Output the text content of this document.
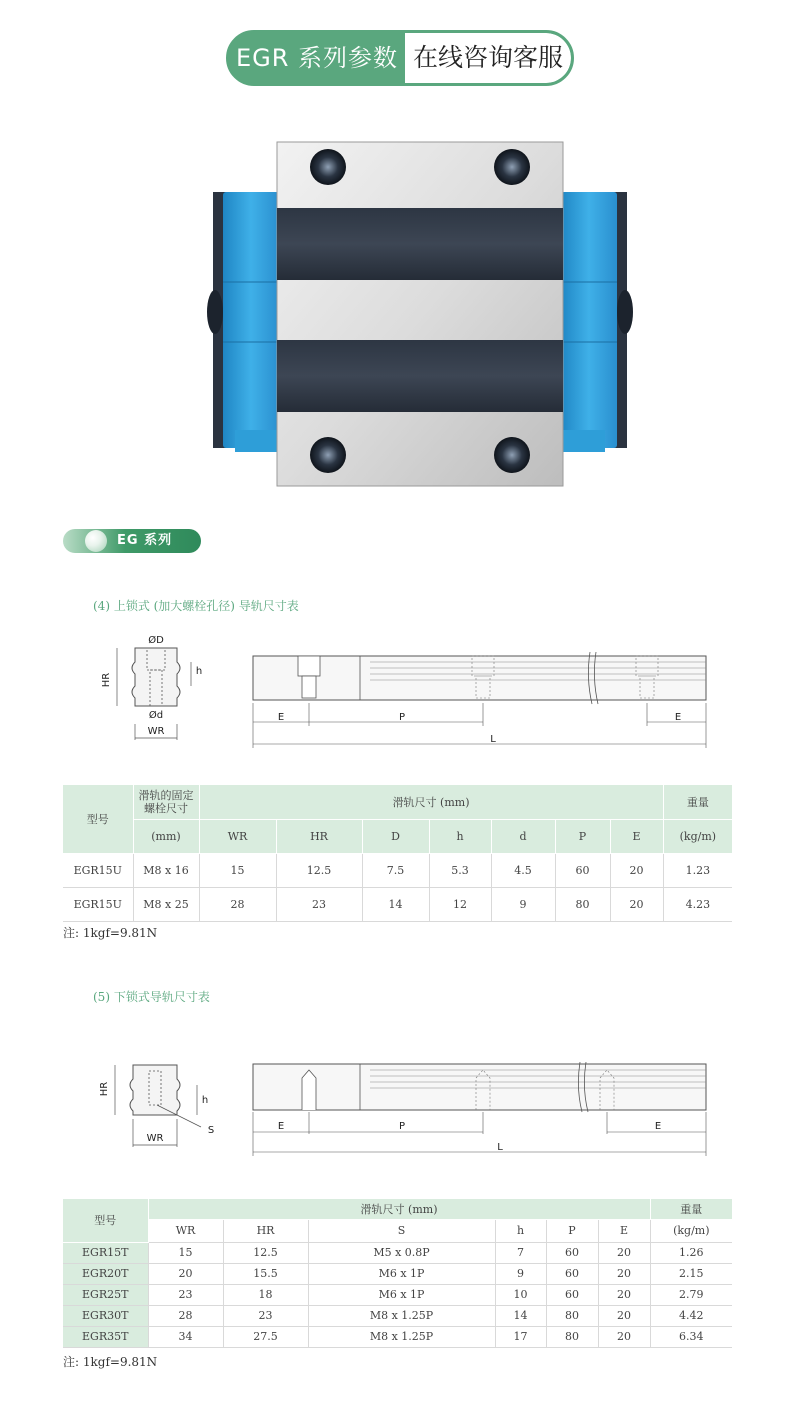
EGR 系列参数 在线咨询客服
EG 系列
(4) 上锁式 (加大螺栓孔径) 导轨尺寸表
ØD
h
HR
Ød
WR
E	P	E
L
型号	滑轨的固定螺栓尺寸	滑轨尺寸 (mm)							重量
	(mm)	WR	HR	D	h	d	P	E	(kg/m)
EGR15U	M8 x 16	15	12.5	7.5	5.3	4.5	60	20	1.23
EGR15U	M8 x 25	28	23	14	12	9	80	20	4.23
注: 1kgf=9.81N
(5) 下锁式导轨尺寸表
HR
h
S
WR
E	P	E
L
型号	滑轨尺寸 (mm)						重量
	WR	HR	S	h	P	E	(kg/m)
EGR15T	15	12.5	M5 x 0.8P	7	60	20	1.26
EGR20T	20	15.5	M6 x 1P	9	60	20	2.15
EGR25T	23	18	M6 x 1P	10	60	20	2.79
EGR30T	28	23	M8 x 1.25P	14	80	20	4.42
EGR35T	34	27.5	M8 x 1.25P	17	80	20	6.34
注: 1kgf=9.81N
